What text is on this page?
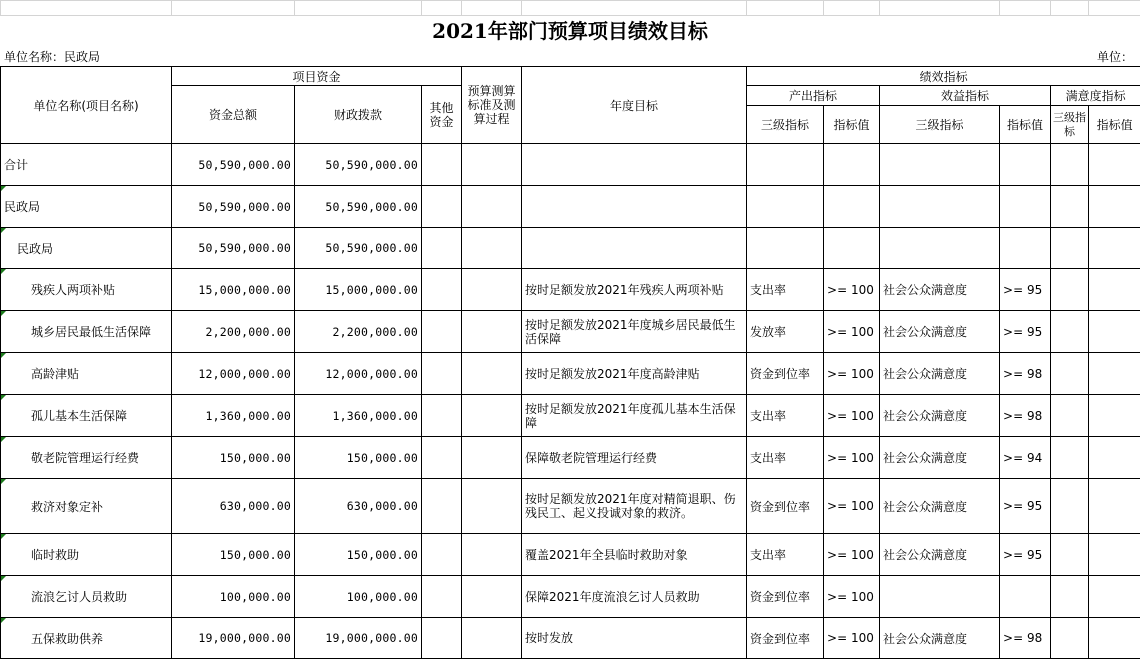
2021年部门预算项目绩效目标
单位名称：民政局	单位：
单位名称(项目名称)	项目资金			预算测算标准及测算过程	年度目标	绩效指标					
	资金总额	财政拨款	其他资金			产出指标		效益指标		满意度指标	
						三级指标	指标值	三级指标	指标值	三级指标	指标值
合计	50,590,000.00	50,590,000.00									
民政局	50,590,000.00	50,590,000.00									
民政局	50,590,000.00	50,590,000.00									
残疾人两项补贴	15,000,000.00	15,000,000.00			按时足额发放2021年残疾人两项补贴	支出率	>= 100	社会公众满意度	>= 95		
城乡居民最低生活保障	2,200,000.00	2,200,000.00			按时足额发放2021年度城乡居民最低生活保障	发放率	>= 100	社会公众满意度	>= 95		
高龄津贴	12,000,000.00	12,000,000.00			按时足额发放2021年度高龄津贴	资金到位率	>= 100	社会公众满意度	>= 98		
孤儿基本生活保障	1,360,000.00	1,360,000.00			按时足额发放2021年度孤儿基本生活保障	支出率	>= 100	社会公众满意度	>= 98		
敬老院管理运行经费	150,000.00	150,000.00			保障敬老院管理运行经费	支出率	>= 100	社会公众满意度	>= 94		
救济对象定补	630,000.00	630,000.00			按时足额发放2021年度对精简退职、伤残民工、起义投诚对象的救济。	资金到位率	>= 100	社会公众满意度	>= 95		
临时救助	150,000.00	150,000.00			覆盖2021年全县临时救助对象	支出率	>= 100	社会公众满意度	>= 95		
流浪乞讨人员救助	100,000.00	100,000.00			保障2021年度流浪乞讨人员救助	资金到位率	>= 100				
五保救助供养	19,000,000.00	19,000,000.00			按时发放	资金到位率	>= 100	社会公众满意度	>= 98		
